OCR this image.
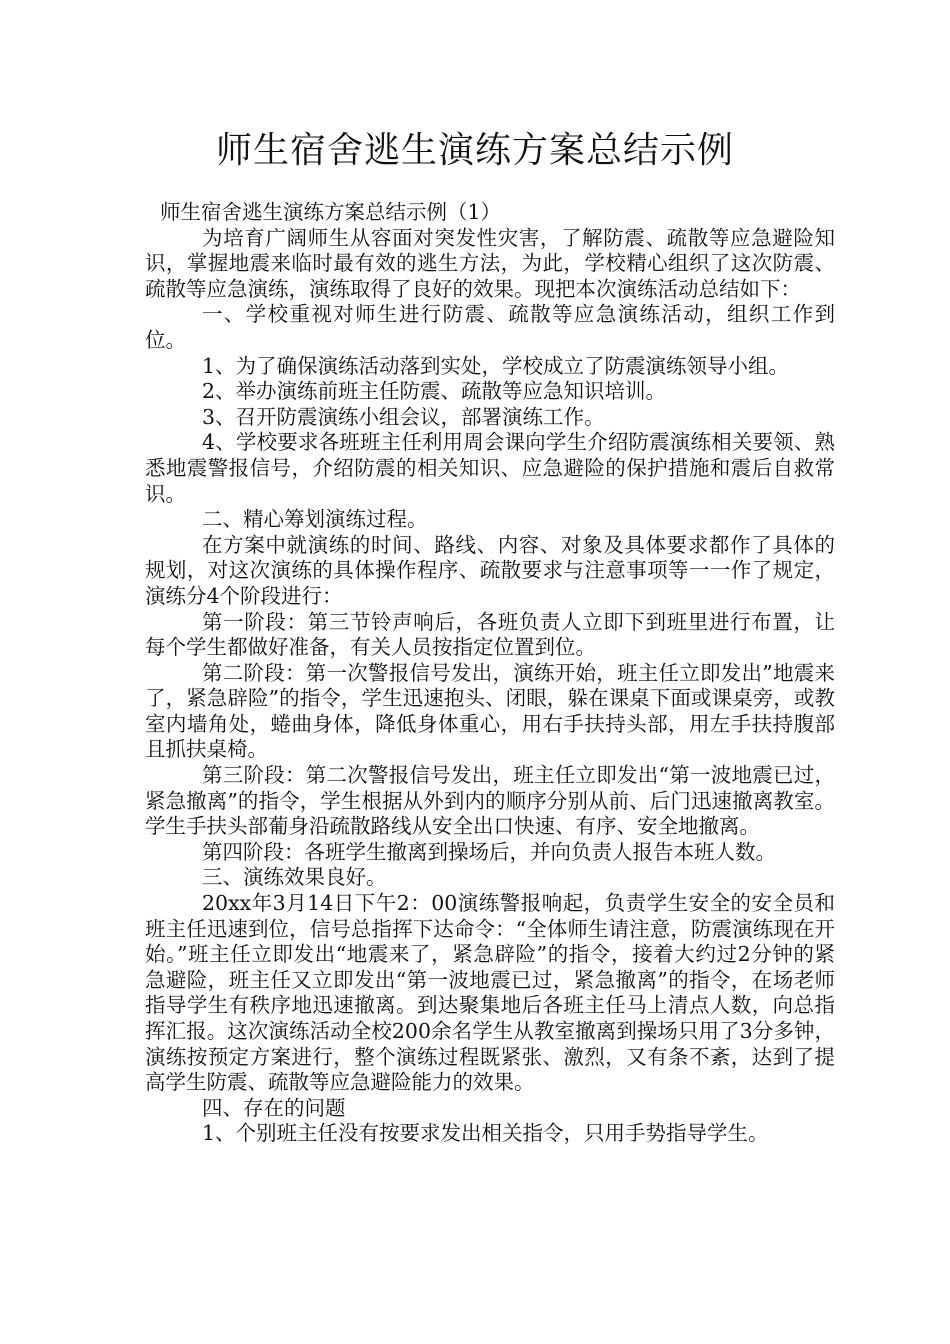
师生宿舍逃生演练方案总结示例

师生宿舍逃生演练方案总结示例（1）

为培育广阔师生从容面对突发性灾害，了解防震、疏散等应急避险知识，掌握地震来临时最有效的逃生方法，为此，学校精心组织了这次防震、疏散等应急演练，演练取得了良好的效果。现把本次演练活动总结如下：

一、学校重视对师生进行防震、疏散等应急演练活动，组织工作到位。

1、为了确保演练活动落到实处，学校成立了防震演练领导小组。

2、举办演练前班主任防震、疏散等应急知识培训。

3、召开防震演练小组会议，部署演练工作。

4、学校要求各班班主任利用周会课向学生介绍防震演练相关要领、熟悉地震警报信号，介绍防震的相关知识、应急避险的保护措施和震后自救常识。

二、精心筹划演练过程。

在方案中就演练的时间、路线、内容、对象及具体要求都作了具体的规划，对这次演练的具体操作程序、疏散要求与注意事项等一一作了规定，演练分4个阶段进行：

第一阶段：第三节铃声响后，各班负责人立即下到班里进行布置，让每个学生都做好准备，有关人员按指定位置到位。

第二阶段：第一次警报信号发出，演练开始，班主任立即发出”地震来了，紧急辟险”的指令，学生迅速抱头、闭眼，躲在课桌下面或课桌旁，或教室内墙角处，蜷曲身体，降低身体重心，用右手扶持头部，用左手扶持腹部且抓扶桌椅。

第三阶段：第二次警报信号发出，班主任立即发出“第一波地震已过，紧急撤离”的指令，学生根据从外到内的顺序分别从前、后门迅速撤离教室。学生手扶头部葡身沿疏散路线从安全出口快速、有序、安全地撤离。

第四阶段：各班学生撤离到操场后，并向负责人报告本班人数。

三、演练效果良好。

20xx年3月14日下午2：00演练警报响起，负责学生安全的安全员和班主任迅速到位，信号总指挥下达命令：“全体师生请注意，防震演练现在开始。”班主任立即发出“地震来了，紧急辟险”的指令，接着大约过2分钟的紧急避险，班主任又立即发出“第一波地震已过，紧急撤离”的指令，在场老师指导学生有秩序地迅速撤离。到达聚集地后各班主任马上清点人数，向总指挥汇报。这次演练活动全校200余名学生从教室撤离到操场只用了3分多钟，演练按预定方案进行，整个演练过程既紧张、激烈，又有条不紊，达到了提高学生防震、疏散等应急避险能力的效果。

四、存在的问题

1、个别班主任没有按要求发出相关指令，只用手势指导学生。
